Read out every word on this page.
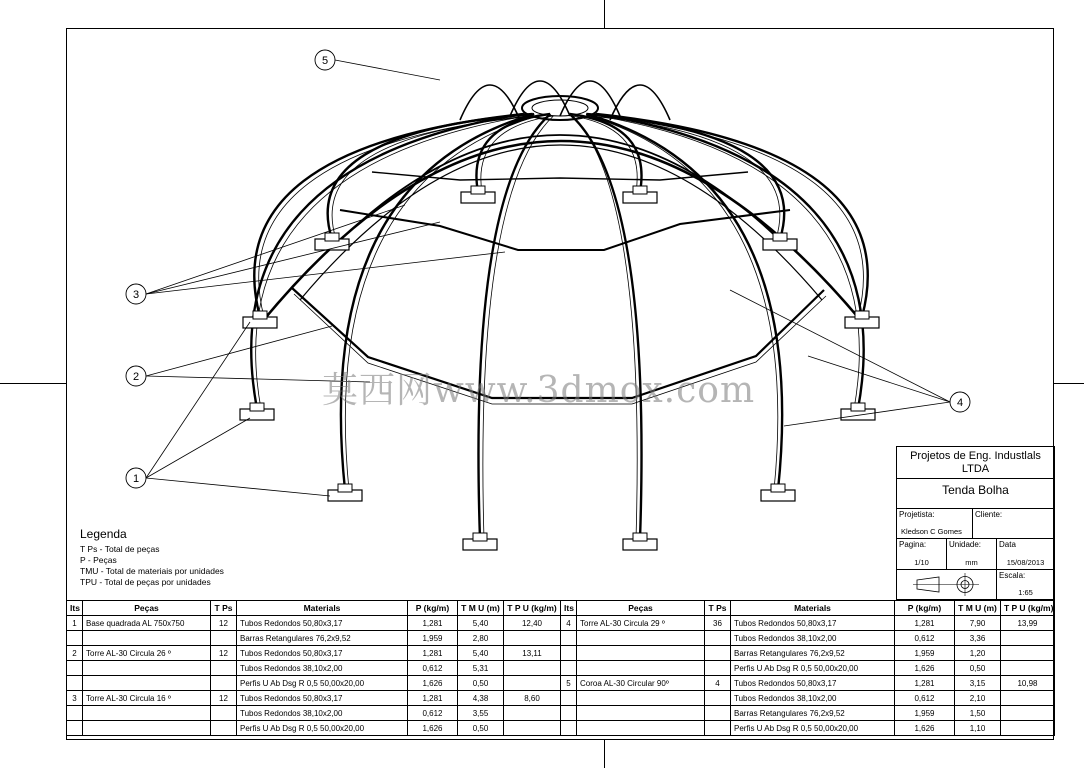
5
3
2
1
4
莫西网www.3dmox.com
Legenda
T Ps - Total de peças
P - Peças
TMU - Total de materiais por unidades
TPU - Total de peças por unidades
Projetos de Eng. Industlals LTDA
Tenda Bolha
Projetista:
Kledson C Gomes
Cliente:
Pagina:
1/10
Unidade:
mm
Data
15/08/2013
Escala:
1:65
Its	Peças	T Ps	Materials	P (kg/m)	T M U (m)	T P U (kg/m)	Its	Peças	T Ps	Materials	P (kg/m)	T M U (m)	T P U (kg/m)
1	Base quadrada AL 750x750	12	Tubos Redondos 50,80x3,17	1,281	5,40	12,40	4	Torre AL-30 Circula 29 º	36	Tubos Redondos 50,80x3,17	1,281	7,90	13,99
			Barras Retangulares 76,2x9,52	1,959	2,80					Tubos Redondos 38,10x2,00	0,612	3,36	
2	Torre AL-30 Circula 26 º	12	Tubos Redondos 50,80x3,17	1,281	5,40	13,11				Barras Retangulares 76,2x9,52	1,959	1,20	
			Tubos Redondos 38,10x2,00	0,612	5,31					Perfis U Ab Dsg R 0,5 50,00x20,00	1,626	0,50	
			Perfis U Ab Dsg R 0,5 50,00x20,00	1,626	0,50		5	Coroa AL-30 Circular 90º	4	Tubos Redondos 50,80x3,17	1,281	3,15	10,98
3	Torre AL-30 Circula 16 º	12	Tubos Redondos 50,80x3,17	1,281	4,38	8,60				Tubos Redondos 38,10x2,00	0,612	2,10	
			Tubos Redondos 38,10x2,00	0,612	3,55					Barras Retangulares 76,2x9,52	1,959	1,50	
			Perfis U Ab Dsg R 0,5 50,00x20,00	1,626	0,50					Perfis U Ab Dsg R 0,5 50,00x20,00	1,626	1,10	
